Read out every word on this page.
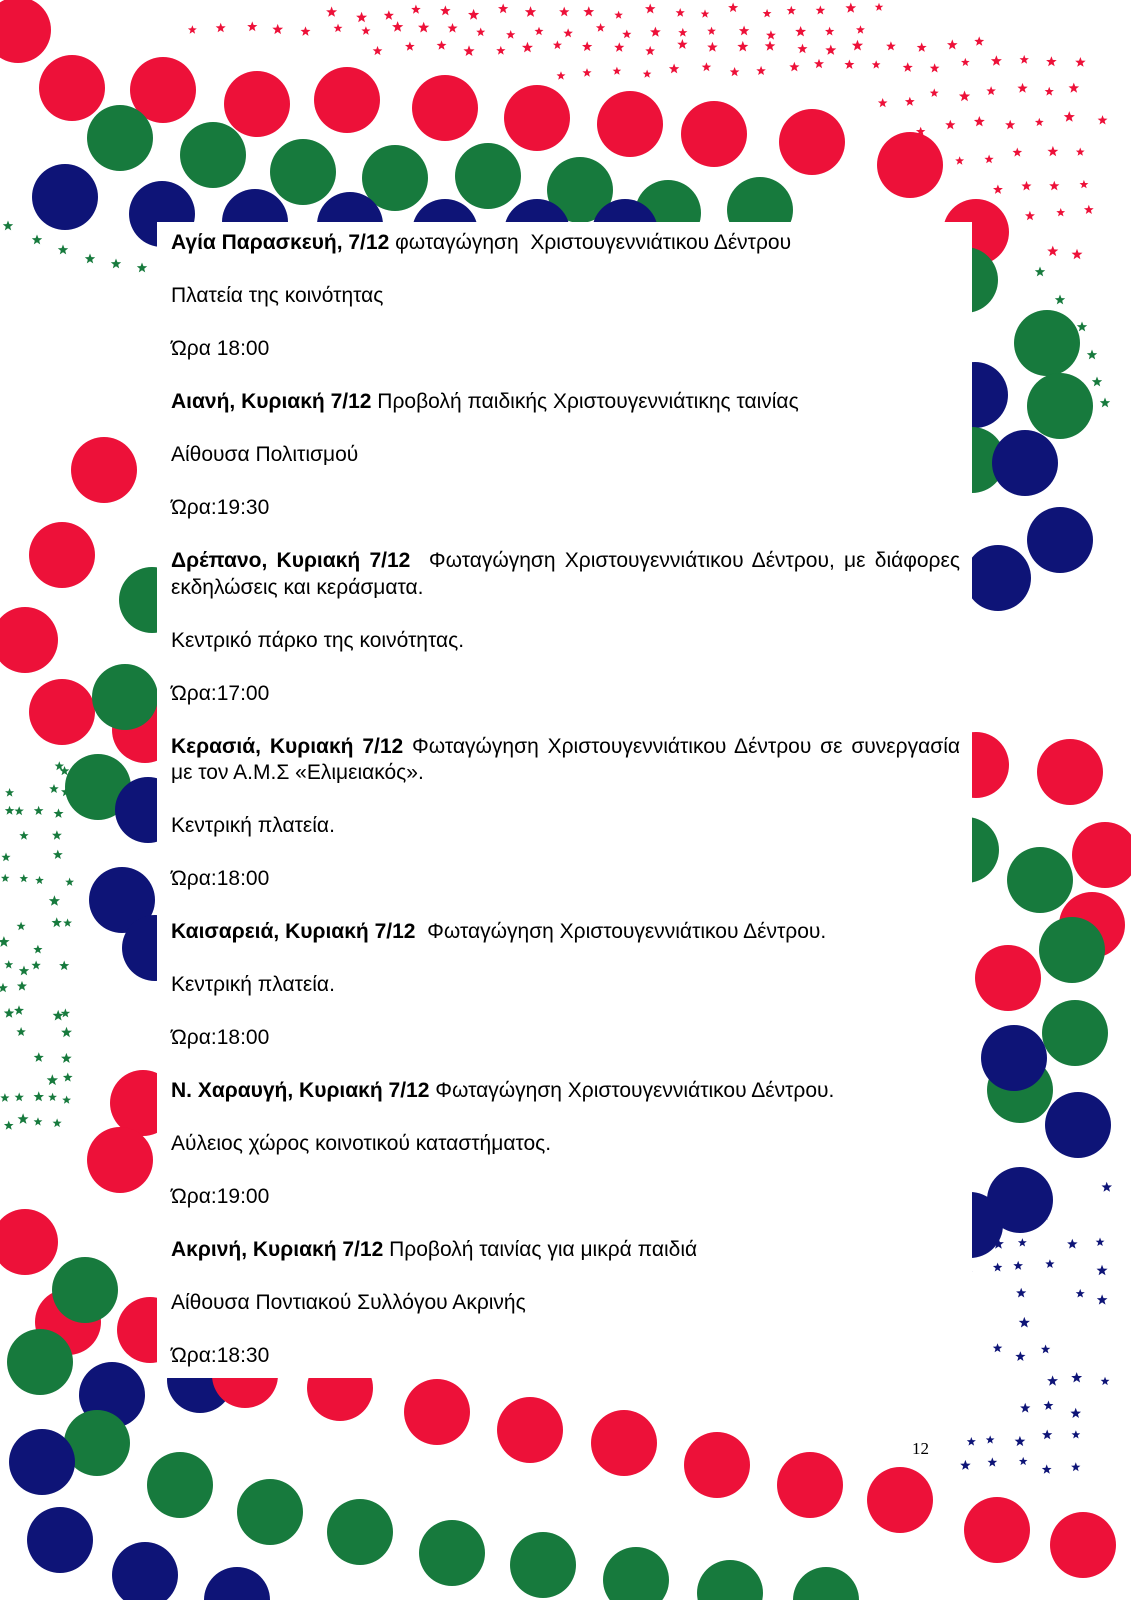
Αγία Παρασκευή, 7/12 φωταγώγηση  Χριστουγεννιάτικου Δέντρου

Πλατεία της κοινότητας

Ώρα 18:00

Αιανή, Κυριακή 7/12 Προβολή παιδικής Χριστουγεννιάτικης ταινίας

Αίθουσα Πολιτισμού

Ώρα:19:30

Δρέπανο, Κυριακή 7/12  Φωταγώγηση Χριστουγεννιάτικου Δέντρου, με διάφορες εκδηλώσεις και κεράσματα.

Κεντρικό πάρκο της κοινότητας.

Ώρα:17:00

Κερασιά, Κυριακή 7/12 Φωταγώγηση Χριστουγεννιάτικου Δέντρου σε συνεργασία με τον Α.Μ.Σ «Ελιμειακός».

Κεντρική πλατεία.

Ώρα:18:00

Καισαρειά, Κυριακή 7/12  Φωταγώγηση Χριστουγεννιάτικου Δέντρου.

Κεντρική πλατεία.

Ώρα:18:00

Ν. Χαραυγή, Κυριακή 7/12 Φωταγώγηση Χριστουγεννιάτικου Δέντρου.

Αύλειος χώρος κοινοτικού καταστήματος.

Ώρα:19:00

Ακρινή, Κυριακή 7/12 Προβολή ταινίας για μικρά παιδιά

Αίθουσα Ποντιακού Συλλόγου Ακρινής

Ώρα:18:30

12
